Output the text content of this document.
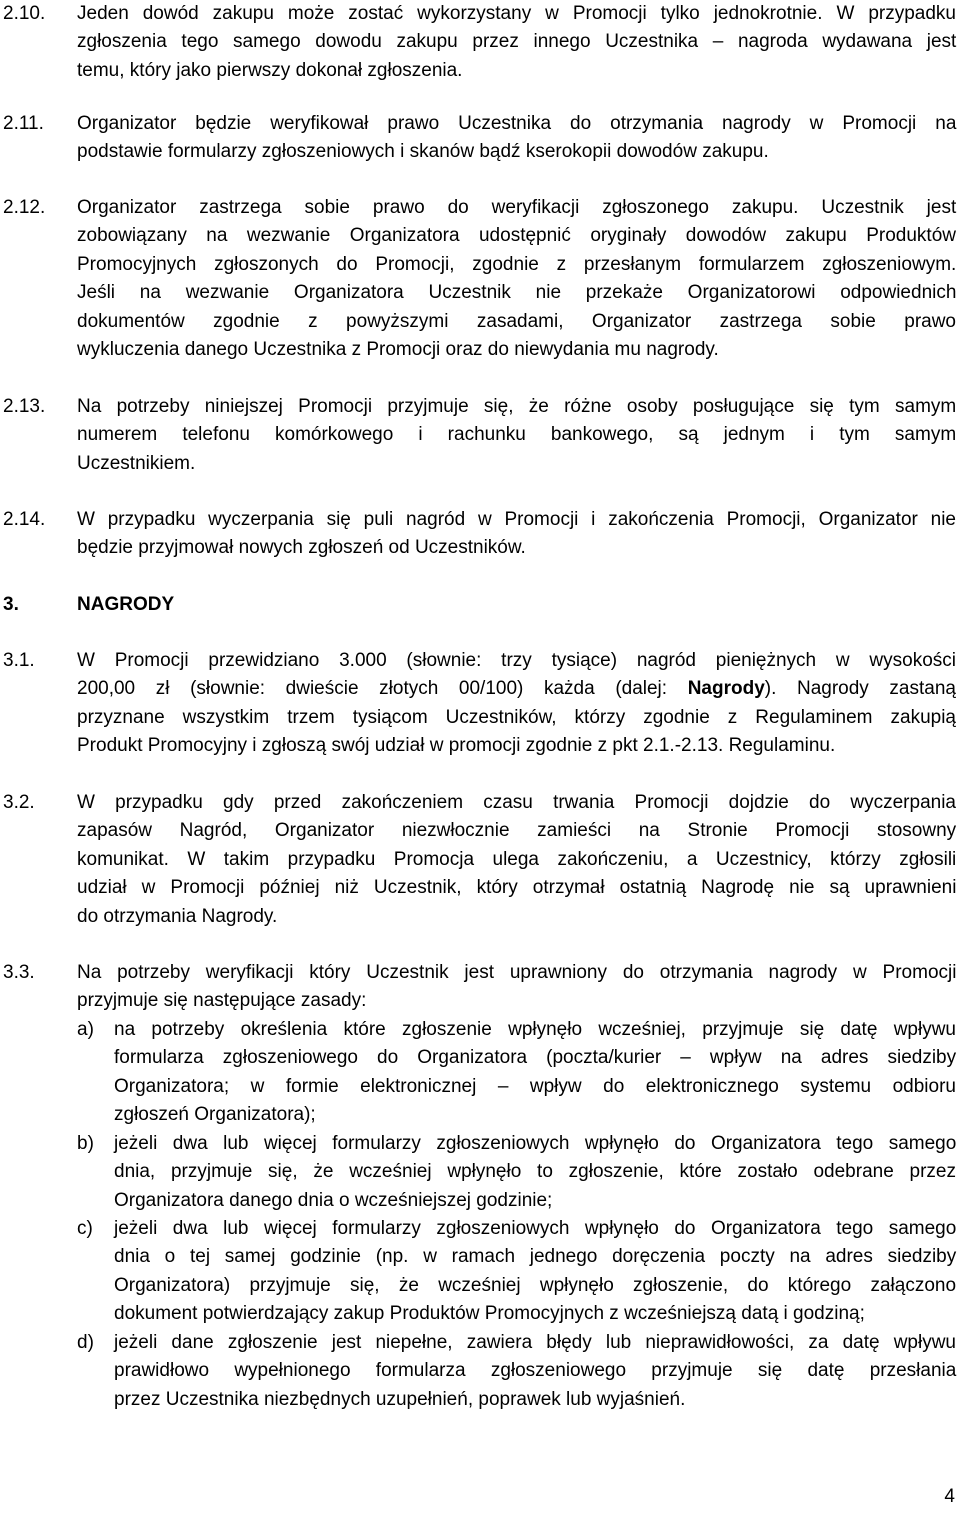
2.10. Jeden dowód zakupu może zostać wykorzystany w Promocji tylko jednokrotnie. W przypadku
zgłoszenia tego samego dowodu zakupu przez innego Uczestnika – nagroda wydawana jest
temu, który jako pierwszy dokonał zgłoszenia.
2.11. Organizator będzie weryfikował prawo Uczestnika do otrzymania nagrody w Promocji na
podstawie formularzy zgłoszeniowych i skanów bądź kserokopii dowodów zakupu.
2.12. Organizator zastrzega sobie prawo do weryfikacji zgłoszonego zakupu. Uczestnik jest
zobowiązany na wezwanie Organizatora udostępnić oryginały dowodów zakupu Produktów
Promocyjnych zgłoszonych do Promocji, zgodnie z przesłanym formularzem zgłoszeniowym.
Jeśli na wezwanie Organizatora Uczestnik nie przekaże Organizatorowi odpowiednich
dokumentów zgodnie z powyższymi zasadami, Organizator zastrzega sobie prawo
wykluczenia danego Uczestnika z Promocji oraz do niewydania mu nagrody.
2.13. Na potrzeby niniejszej Promocji przyjmuje się, że różne osoby posługujące się tym samym
numerem telefonu komórkowego i rachunku bankowego, są jednym i tym samym
Uczestnikiem.
2.14. W przypadku wyczerpania się puli nagród w Promocji i zakończenia Promocji, Organizator nie
będzie przyjmował nowych zgłoszeń od Uczestników.
3.	NAGRODY
3.1. W Promocji przewidziano 3.000 (słownie: trzy tysiące) nagród pieniężnych w wysokości
200,00 zł (słownie: dwieście złotych 00/100) każda (dalej: Nagrody). Nagrody zastaną
przyznane wszystkim trzem tysiącom Uczestników, którzy zgodnie z Regulaminem zakupią
Produkt Promocyjny i zgłoszą swój udział w promocji zgodnie z pkt 2.1.-2.13. Regulaminu.
3.2. W przypadku gdy przed zakończeniem czasu trwania Promocji dojdzie do wyczerpania
zapasów Nagród, Organizator niezwłocznie zamieści na Stronie Promocji stosowny
komunikat. W takim przypadku Promocja ulega zakończeniu, a Uczestnicy, którzy zgłosili
udział w Promocji później niż Uczestnik, który otrzymał ostatnią Nagrodę nie są uprawnieni
do otrzymania Nagrody.
3.3. Na potrzeby weryfikacji który Uczestnik jest uprawniony do otrzymania nagrody w Promocji
przyjmuje się następujące zasady:
a) na potrzeby określenia które zgłoszenie wpłynęło wcześniej, przyjmuje się datę wpływu
formularza zgłoszeniowego do Organizatora (poczta/kurier – wpływ na adres siedziby
Organizatora; w formie elektronicznej – wpływ do elektronicznego systemu odbioru
zgłoszeń Organizatora);
b) jeżeli dwa lub więcej formularzy zgłoszeniowych wpłynęło do Organizatora tego samego
dnia, przyjmuje się, że wcześniej wpłynęło to zgłoszenie, które zostało odebrane przez
Organizatora danego dnia o wcześniejszej godzinie;
c) jeżeli dwa lub więcej formularzy zgłoszeniowych wpłynęło do Organizatora tego samego
dnia o tej samej godzinie (np. w ramach jednego doręczenia poczty na adres siedziby
Organizatora) przyjmuje się, że wcześniej wpłynęło zgłoszenie, do którego załączono
dokument potwierdzający zakup Produktów Promocyjnych z wcześniejszą datą i godziną;
d) jeżeli dane zgłoszenie jest niepełne, zawiera błędy lub nieprawidłowości, za datę wpływu
prawidłowo wypełnionego formularza zgłoszeniowego przyjmuje się datę przesłania
przez Uczestnika niezbędnych uzupełnień, poprawek lub wyjaśnień.
4
